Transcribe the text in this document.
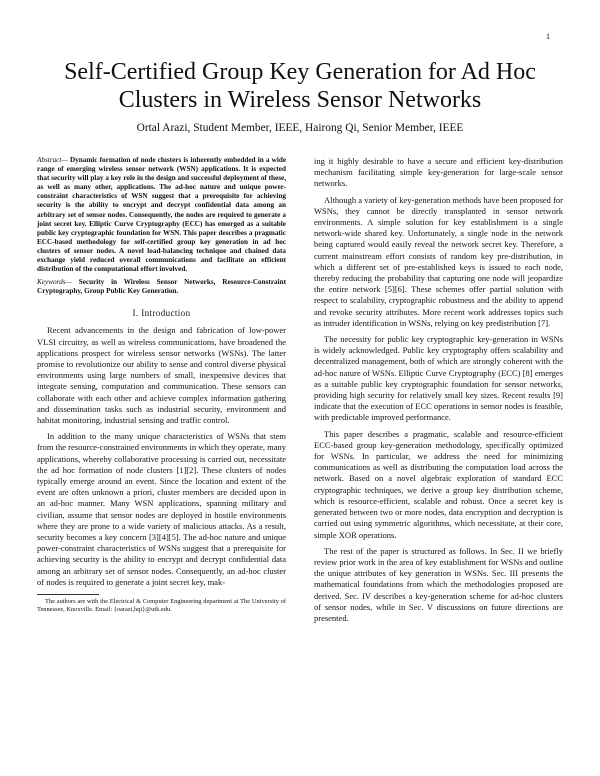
1
Self-Certified Group Key Generation for Ad Hoc Clusters in Wireless Sensor Networks
Ortal Arazi, Student Member, IEEE, Hairong Qi, Senior Member, IEEE

Abstract— Dynamic formation of node clusters is inherently embedded in a wide range of emerging wireless sensor network (WSN) applications. It is expected that security will play a key role in the design and successful deployment of these, as well as many other, applications. The ad-hoc nature and unique power-constraint characteristics of WSN suggest that a prerequisite for achieving security is the ability to encrypt and decrypt confidential data among an arbitrary set of sensor nodes. Consequently, the nodes are required to generate a joint secret key. Elliptic Curve Cryptography (ECC) has emerged as a suitable public key cryptographic foundation for WSN. This paper describes a pragmatic ECC-based methodology for self-certified group key generation in ad hoc clusters of sensor nodes. A novel load-balancing technique and chained data exchange yield reduced overall communications and facilitate an efficient distribution of the computational effort involved.

Keywords— Security in Wireless Sensor Networks, Resource-Constraint Cryptography, Group Public Key Generation.

I. Introduction

Recent advancements in the design and fabrication of low-power VLSI circuitry, as well as wireless communications, have broadened the applications prospect for wireless sensor networks (WSNs). The latter promise to revolutionize our ability to sense and control diverse physical environments using large numbers of small, inexpensive devices that integrate sensing, computation and communication. These sensors can collaborate with each other and achieve complex information gathering and dissemination tasks such as industrial security, environment and habitat monitoring, industrial sensing and traffic control.

In addition to the many unique characteristics of WSNs that stem from the resource-constrained environments in which they operate, many applications, whereby collaborative processing is carried out, necessitate the ad hoc formation of node clusters [1][2]. These clusters of nodes typically emerge around an event. Since the location and extent of the event are often unknown a priori, cluster members are decided upon in an ad-hoc manner. Many WSN applications, spanning military and civilian, assume that sensor nodes are deployed in hostile environments where they are prone to a wide variety of malicious attacks. As a result, security becomes a key concern [3][4][5]. The ad-hoc nature and unique power-constraint characteristics of WSNs suggest that a prerequisite for achieving security is the ability to encrypt and decrypt confidential data among an arbitrary set of sensor nodes. Consequently, an ad-hoc cluster of nodes is required to generate a joint secret key, mak-

The authors are with the Electrical & Computer Engineering department at The University of Tennessee, Knoxville. Email: {oarazi,hqi}@utk.edu.

ing it highly desirable to have a secure and efficient key-distribution mechanism facilitating simple key-generation for large-scale sensor networks.

Although a variety of key-generation methods have been proposed for WSNs, they cannot be directly transplanted in sensor network environments. A simple solution for key establishment is a single network-wide shared key. Unfortunately, a single node in the network being captured would easily reveal the network secret key. Therefore, a current mainstream effort consists of random key pre-distribution, in which a different set of pre-established keys is issued to each node, thereby reducing the probability that capturing one node will jeopardize the entire network [5][6]. These schemes offer partial solution with respect to scalability, cryptographic robustness and the ability to append and revoke security attributes. More recent work addresses topics such as intruder identification in WSNs, relying on key predistribution [7].

The necessity for public key cryptographic key-generation in WSNs is widely acknowledged. Public key cryptography offers scalability and decentralized management, both of which are strongly coherent with the ad-hoc nature of WSNs. Elliptic Curve Cryptography (ECC) [8] emerges as a suitable public key cryptographic foundation for sensor networks, providing high security for relatively small key sizes. Recent results [9] indicate that the execution of ECC operations in sensor nodes is feasible, with predictable improved performance.

This paper describes a pragmatic, scalable and resource-efficient ECC-based group key-generation methodology, specifically optimized for WSNs. In particular, we address the need for minimizing communications as well as distributing the computation load across the network. Based on a novel algebraic exploration of standard ECC cryptographic techniques, we derive a group key distribution scheme, which is resource-efficient, scalable and robust. Once a secret key is generated between two or more nodes, data encryption and decryption is carried out using symmetric algorithms, which necessitate, at their core, simple XOR operations.

The rest of the paper is structured as follows. In Sec. II we briefly review prior work in the area of key establishment for WSNs and outline the unique attributes of key generation in WSNs. Sec. III presents the mathematical foundations from which the methodologies proposed are derived. Sec. IV describes a key-generation scheme for ad-hoc clusters of sensor nodes, while in Sec. V discussions on future directions are presented.
